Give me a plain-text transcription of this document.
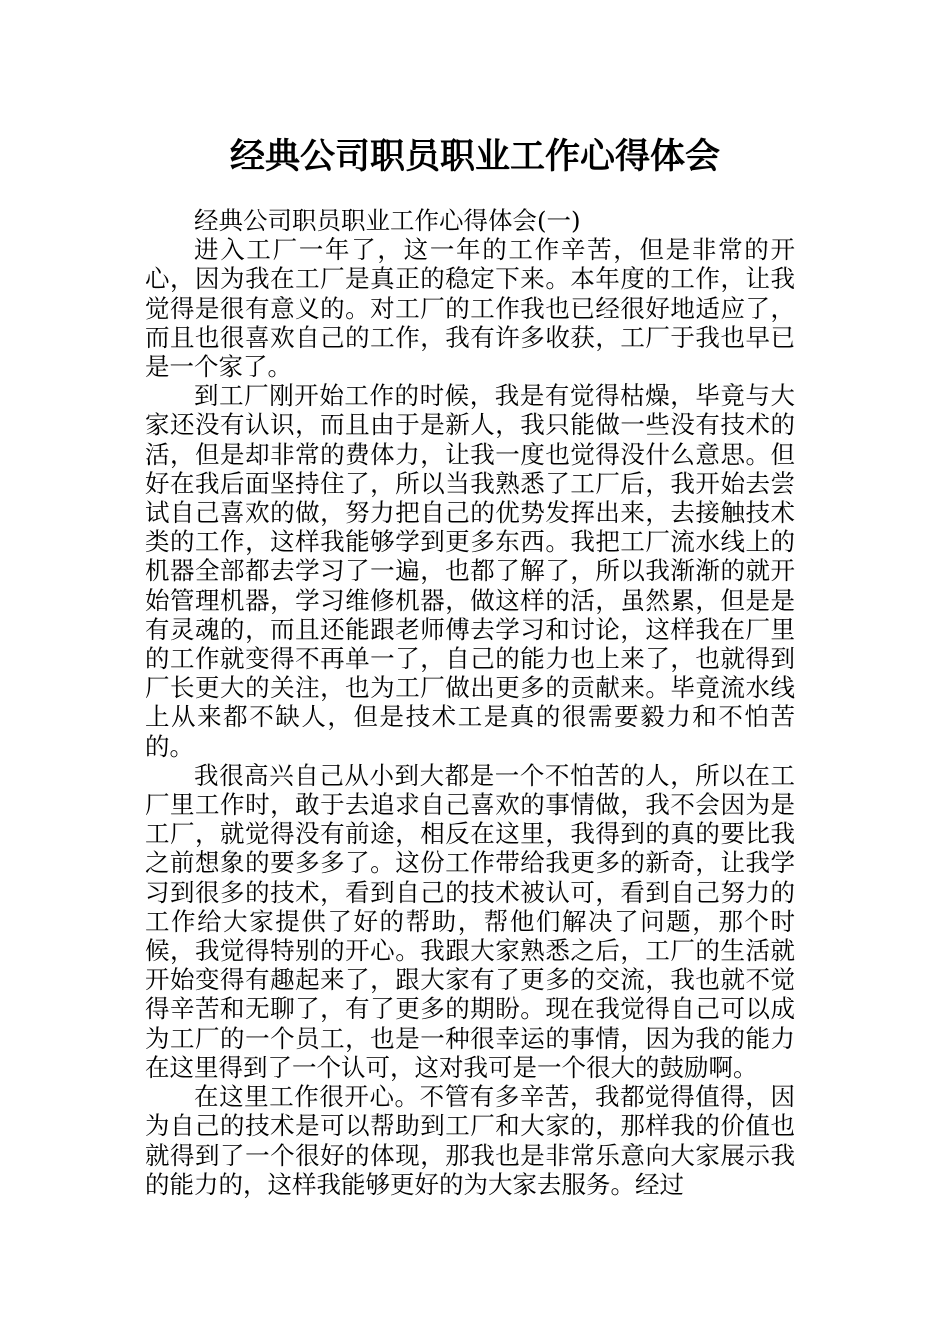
经典公司职员职业工作心得体会

经典公司职员职业工作心得体会(一)

进入工厂一年了，这一年的工作辛苦，但是非常的开心，因为我在工厂是真正的稳定下来。本年度的工作，让我觉得是很有意义的。对工厂的工作我也已经很好地适应了，而且也很喜欢自己的工作，我有许多收获，工厂于我也早已是一个家了。

到工厂刚开始工作的时候，我是有觉得枯燥，毕竟与大家还没有认识，而且由于是新人，我只能做一些没有技术的活，但是却非常的费体力，让我一度也觉得没什么意思。但好在我后面坚持住了，所以当我熟悉了工厂后，我开始去尝试自己喜欢的做，努力把自己的优势发挥出来，去接触技术类的工作，这样我能够学到更多东西。我把工厂流水线上的机器全部都去学习了一遍，也都了解了，所以我渐渐的就开始管理机器，学习维修机器，做这样的活，虽然累，但是是有灵魂的，而且还能跟老师傅去学习和讨论，这样我在厂里的工作就变得不再单一了，自己的能力也上来了，也就得到厂长更大的关注，也为工厂做出更多的贡献来。毕竟流水线上从来都不缺人，但是技术工是真的很需要毅力和不怕苦的。

我很高兴自己从小到大都是一个不怕苦的人，所以在工厂里工作时，敢于去追求自己喜欢的事情做，我不会因为是工厂，就觉得没有前途，相反在这里，我得到的真的要比我之前想象的要多多了。这份工作带给我更多的新奇，让我学习到很多的技术，看到自己的技术被认可，看到自己努力的工作给大家提供了好的帮助，帮他们解决了问题，那个时候，我觉得特别的开心。我跟大家熟悉之后，工厂的生活就开始变得有趣起来了，跟大家有了更多的交流，我也就不觉得辛苦和无聊了，有了更多的期盼。现在我觉得自己可以成为工厂的一个员工，也是一种很幸运的事情，因为我的能力在这里得到了一个认可，这对我可是一个很大的鼓励啊。

在这里工作很开心。不管有多辛苦，我都觉得值得，因为自己的技术是可以帮助到工厂和大家的，那样我的价值也就得到了一个很好的体现，那我也是非常乐意向大家展示我的能力的，这样我能够更好的为大家去服务。经过
